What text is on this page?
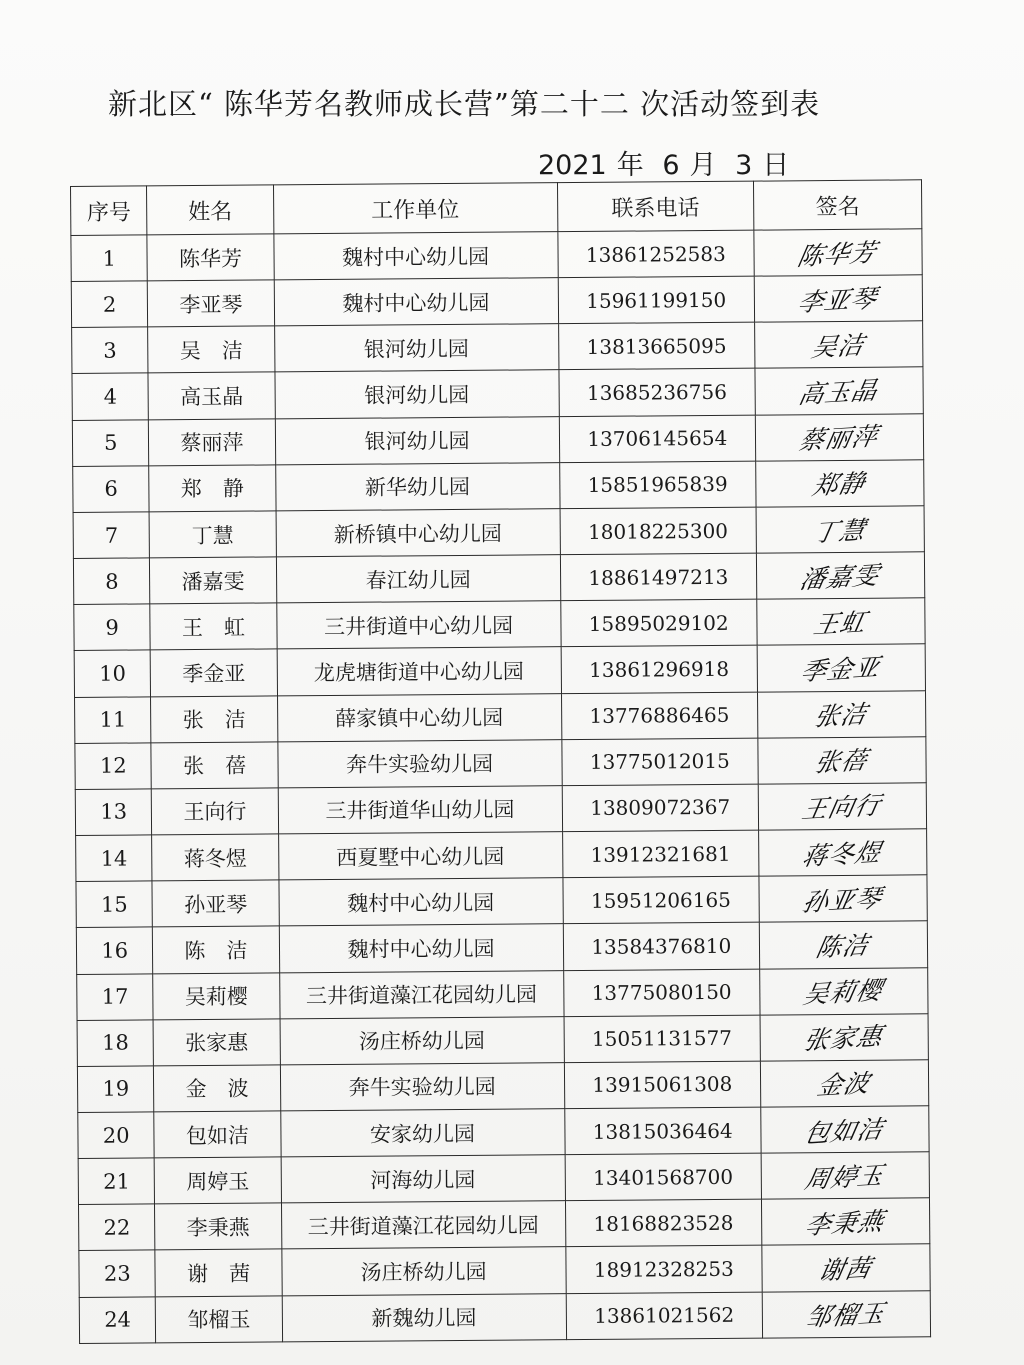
新北区“ 陈华芳名教师成长营”第二十二 次活动签到表
2021 年 6 月 3 日
序号	姓名	工作单位	联系电话	签名
1	陈华芳	魏村中心幼儿园	13861252583	陈华芳
2	李亚琴	魏村中心幼儿园	15961199150	李亚琴
3	吴　洁	银河幼儿园	13813665095	吴洁
4	高玉晶	银河幼儿园	13685236756	高玉晶
5	蔡丽萍	银河幼儿园	13706145654	蔡丽萍
6	郑　静	新华幼儿园	15851965839	郑静
7	丁慧	新桥镇中心幼儿园	18018225300	丁慧
8	潘嘉雯	春江幼儿园	18861497213	潘嘉雯
9	王　虹	三井街道中心幼儿园	15895029102	王虹
10	季金亚	龙虎塘街道中心幼儿园	13861296918	季金亚
11	张　洁	薛家镇中心幼儿园	13776886465	张洁
12	张　蓓	奔牛实验幼儿园	13775012015	张蓓
13	王向行	三井街道华山幼儿园	13809072367	王向行
14	蒋冬煜	西夏墅中心幼儿园	13912321681	蒋冬煜
15	孙亚琴	魏村中心幼儿园	15951206165	孙亚琴
16	陈　洁	魏村中心幼儿园	13584376810	陈洁
17	吴莉樱	三井街道藻江花园幼儿园	13775080150	吴莉樱
18	张家惠	汤庄桥幼儿园	15051131577	张家惠
19	金　波	奔牛实验幼儿园	13915061308	金波
20	包如洁	安家幼儿园	13815036464	包如洁
21	周婷玉	河海幼儿园	13401568700	周婷玉
22	李秉燕	三井街道藻江花园幼儿园	18168823528	李秉燕
23	谢　茜	汤庄桥幼儿园	18912328253	谢茜
24	邹榴玉	新魏幼儿园	13861021562	邹榴玉
